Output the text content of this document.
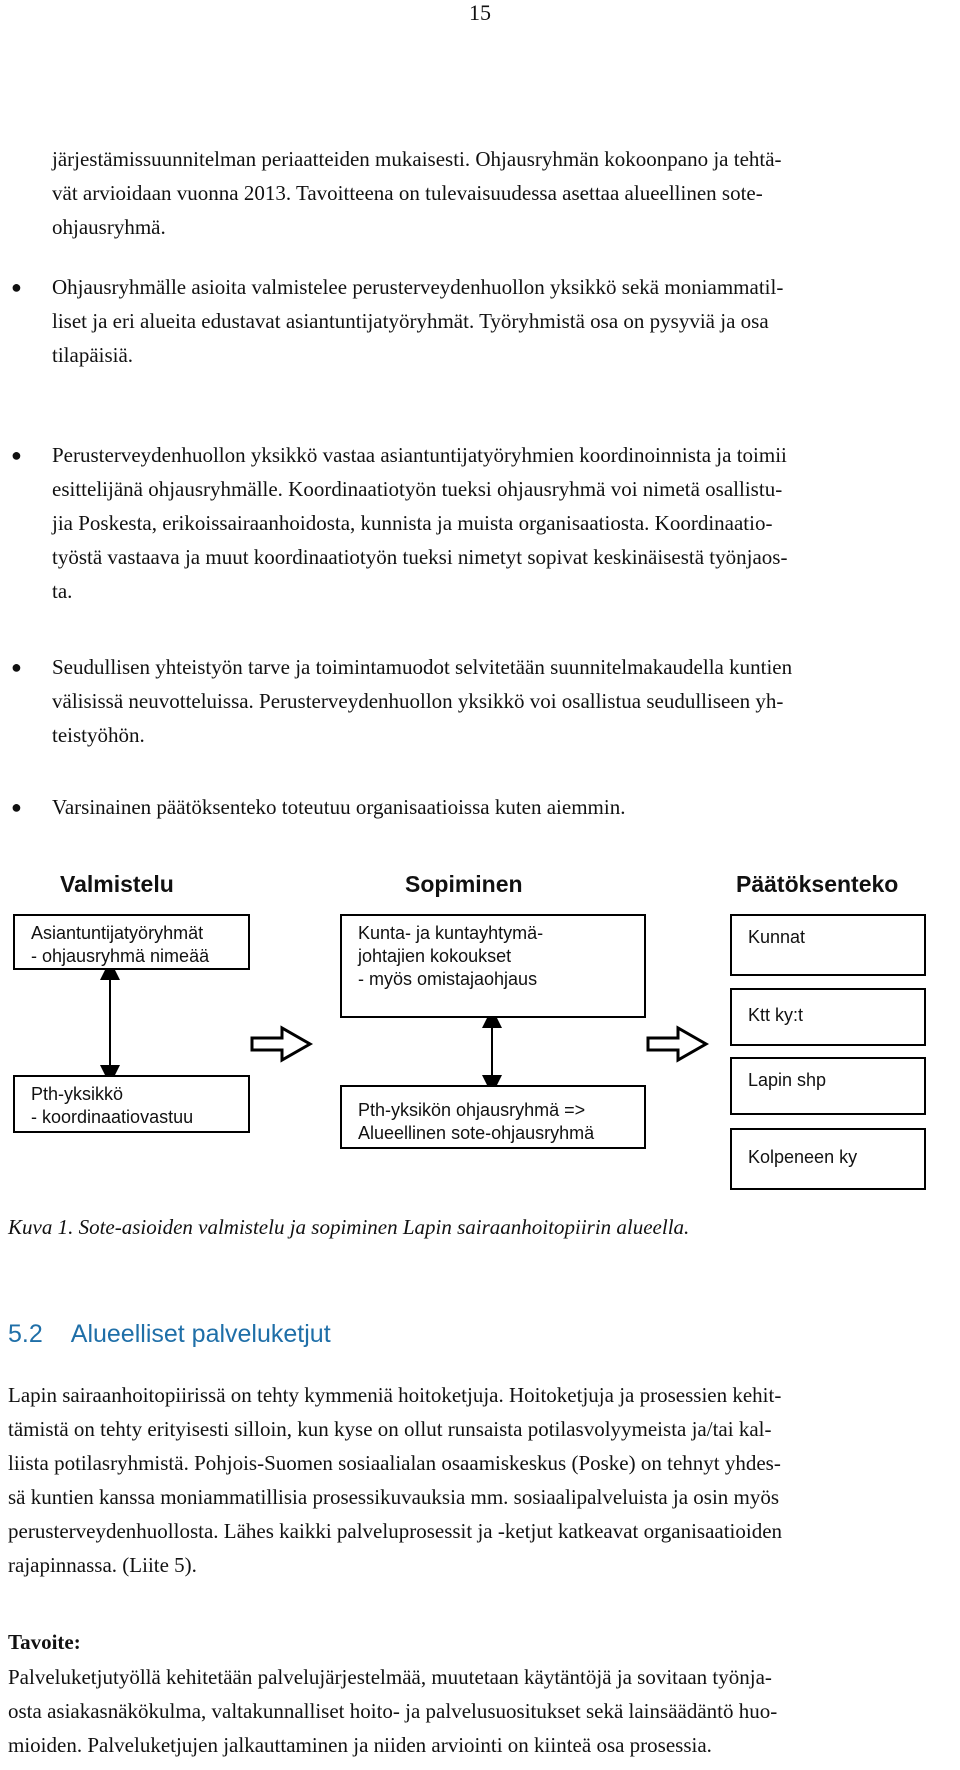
15
järjestämissuunnitelman periaatteiden mukaisesti. Ohjausryhmän kokoonpano ja tehtä-
vät arvioidaan vuonna 2013. Tavoitteena on tulevaisuudessa asettaa alueellinen sote-
ohjausryhmä.
● Ohjausryhmälle asioita valmistelee perusterveydenhuollon yksikkö sekä moniammatil-
liset ja eri alueita edustavat asiantuntijatyöryhmät. Työryhmistä osa on pysyviä ja osa
tilapäisiä.
● Perusterveydenhuollon yksikkö vastaa asiantuntijatyöryhmien koordinoinnista ja toimii
esittelijänä ohjausryhmälle. Koordinaatiotyön tueksi ohjausryhmä voi nimetä osallistu-
jia Poskesta, erikoissairaanhoidosta, kunnista ja muista organisaatiosta. Koordinaatio-
työstä vastaava ja muut koordinaatiotyön tueksi nimetyt sopivat keskinäisestä työnjaos-
ta.
● Seudullisen yhteistyön tarve ja toimintamuodot selvitetään suunnitelmakaudella kuntien
välisissä neuvotteluissa. Perusterveydenhuollon yksikkö voi osallistua seudulliseen yh-
teistyöhön.
● Varsinainen päätöksenteko toteutuu organisaatioissa kuten aiemmin.
Valmistelu	Sopiminen	Päätöksenteko
Asiantuntijatyöryhmät
- ohjausryhmä nimeää
Pth-yksikkö
- koordinaatiovastuu
Kunta- ja kuntayhtymä-
johtajien kokoukset
- myös omistajaohjaus
Pth-yksikön ohjausryhmä =>
Alueellinen sote-ohjausryhmä
Kunnat
Ktt ky:t
Lapin shp
Kolpeneen ky
Kuva 1. Sote-asioiden valmistelu ja sopiminen Lapin sairaanhoitopiirin alueella.
5.2 Alueelliset palveluketjut
Lapin sairaanhoitopiirissä on tehty kymmeniä hoitoketjuja. Hoitoketjuja ja prosessien kehit-
tämistä on tehty erityisesti silloin, kun kyse on ollut runsaista potilasvolyymeista ja/tai kal-
liista potilasryhmistä. Pohjois-Suomen sosiaalialan osaamiskeskus (Poske) on tehnyt yhdes-
sä kuntien kanssa moniammatillisia prosessikuvauksia mm. sosiaalipalveluista ja osin myös
perusterveydenhuollosta. Lähes kaikki palveluprosessit ja -ketjut katkeavat organisaatioiden
rajapinnassa. (Liite 5).
Tavoite:
Palveluketjutyöllä kehitetään palvelujärjestelmää, muutetaan käytäntöjä ja sovitaan työnja-
osta asiakasnäkökulma, valtakunnalliset hoito- ja palvelusuositukset sekä lainsäädäntö huo-
mioiden. Palveluketjujen jalkauttaminen ja niiden arviointi on kiinteä osa prosessia.
